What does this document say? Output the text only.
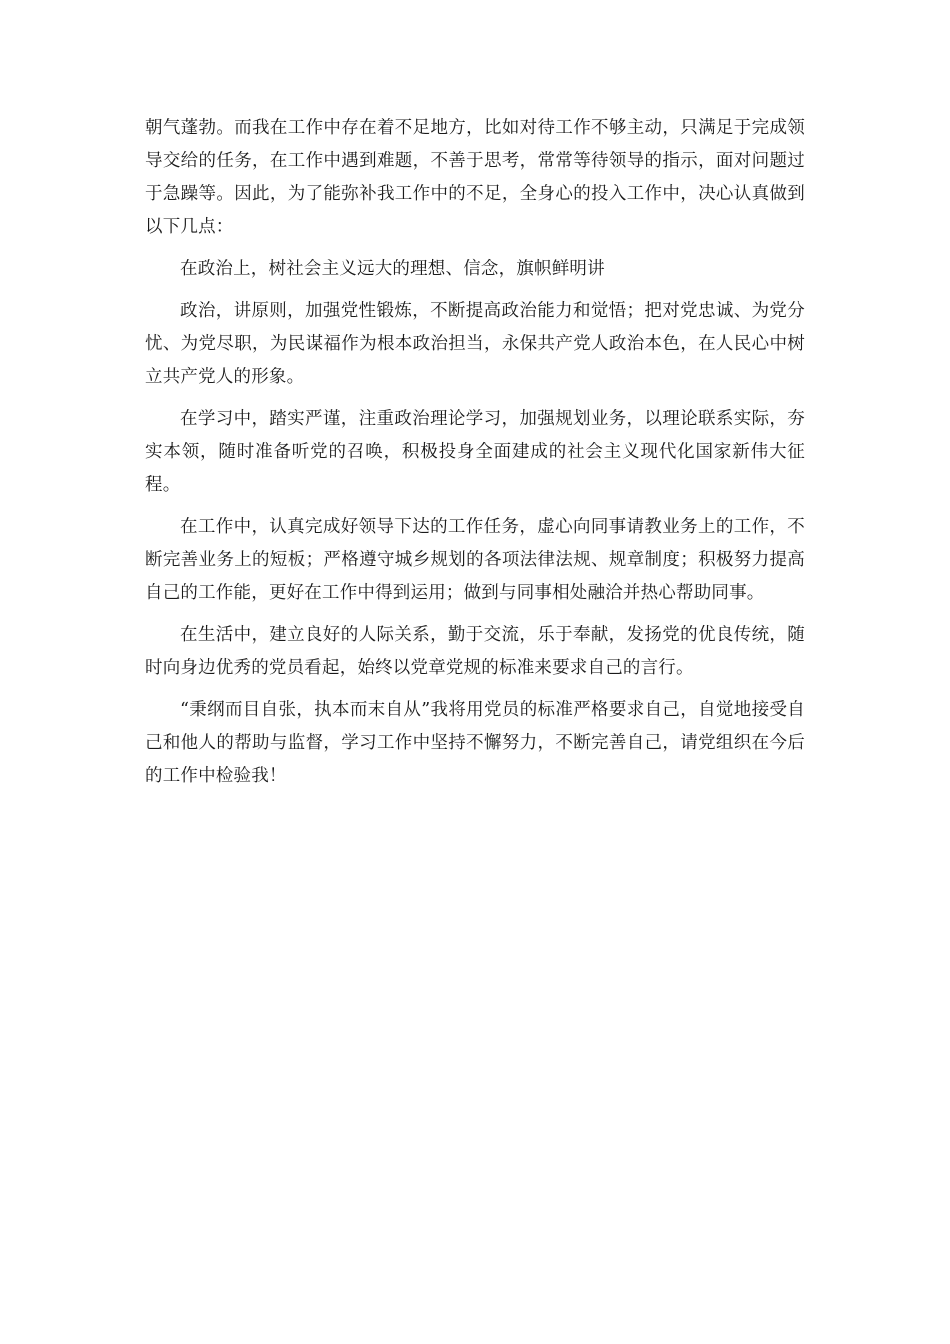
朝气蓬勃。而我在工作中存在着不足地方，比如对待工作不够主动，只满足于完成领导交给的任务，在工作中遇到难题，不善于思考，常常等待领导的指示，面对问题过于急躁等。因此，为了能弥补我工作中的不足，全身心的投入工作中，决心认真做到以下几点：

在政治上，树社会主义远大的理想、信念，旗帜鲜明讲

政治，讲原则，加强党性锻炼，不断提高政治能力和觉悟；把对党忠诚、为党分忧、为党尽职，为民谋福作为根本政治担当，永保共产党人政治本色，在人民心中树立共产党人的形象。

在学习中，踏实严谨，注重政治理论学习，加强规划业务，以理论联系实际，夯实本领，随时准备听党的召唤，积极投身全面建成的社会主义现代化国家新伟大征程。

在工作中，认真完成好领导下达的工作任务，虚心向同事请教业务上的工作，不断完善业务上的短板；严格遵守城乡规划的各项法律法规、规章制度；积极努力提高自己的工作能，更好在工作中得到运用；做到与同事相处融洽并热心帮助同事。

在生活中，建立良好的人际关系，勤于交流，乐于奉献，发扬党的优良传统，随时向身边优秀的党员看起，始终以党章党规的标准来要求自己的言行。

“秉纲而目自张，执本而末自从”我将用党员的标准严格要求自己，自觉地接受自己和他人的帮助与监督，学习工作中坚持不懈努力，不断完善自己，请党组织在今后的工作中检验我！
